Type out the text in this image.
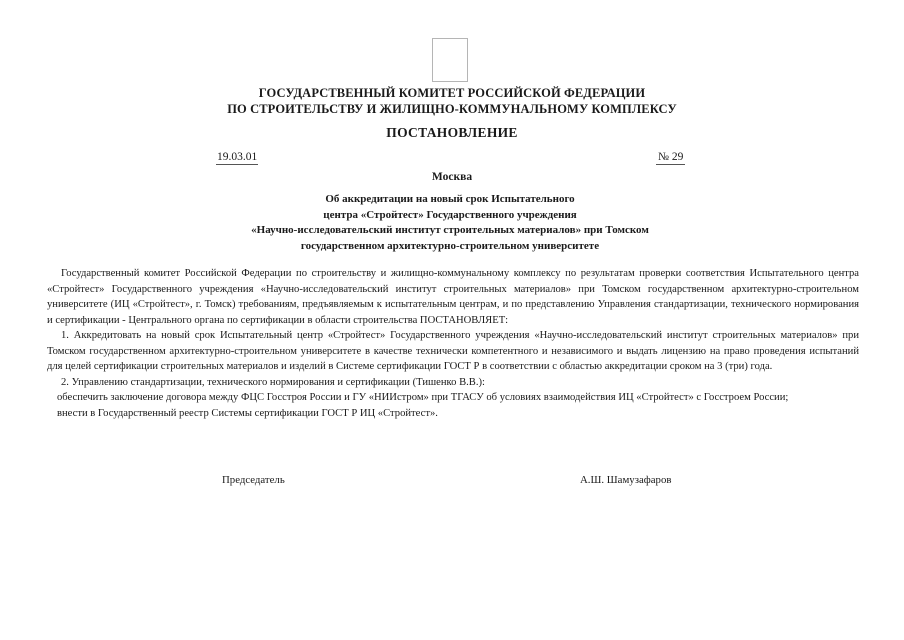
ГОСУДАРСТВЕННЫЙ КОМИТЕТ РОССИЙСКОЙ ФЕДЕРАЦИИ
ПО СТРОИТЕЛЬСТВУ И ЖИЛИЩНО-КОММУНАЛЬНОМУ КОМПЛЕКСУ
ПОСТАНОВЛЕНИЕ
19.03.01	№ 29
Москва
Об аккредитации на новый срок Испытательного
центра «Стройтест» Государственного учреждения
«Научно-исследовательский институт строительных материалов» при Томском
государственном архитектурно-строительном университете

Государственный комитет Российской Федерации по строительству и жилищно-коммунальному комплексу по результатам проверки соответствия Испытательного центра «Стройтест» Государственного учреждения «Научно-исследовательский институт строительных материалов» при Томском государственном архитектурно-строительном университете (ИЦ «Стройтест», г. Томск) требованиям, предъявляемым к испытательным центрам, и по представлению Управления стандартизации, технического нормирования и сертификации - Центрального органа по сертификации в области строительства ПОСТАНОВЛЯЕТ:

1. Аккредитовать на новый срок Испытательный центр «Стройтест» Государственного учреждения «Научно-исследовательский институт строительных материалов» при Томском государственном архитектурно-строительном университете в качестве технически компетентного и независимого и выдать лицензию на право проведения испытаний для целей сертификации строительных материалов и изделий в Системе сертификации ГОСТ Р в соответствии с областью аккредитации сроком на 3 (три) года.

2. Управлению стандартизации, технического нормирования и сертификации (Тишенко В.В.):

обеспечить заключение договора между ФЦС Госстроя России и ГУ «НИИстром» при ТГАСУ об условиях взаимодействия ИЦ «Стройтест» с Госстроем России;

внести в Государственный реестр Системы сертификации ГОСТ Р ИЦ «Стройтест».

Председатель	А.Ш. Шамузафаров
